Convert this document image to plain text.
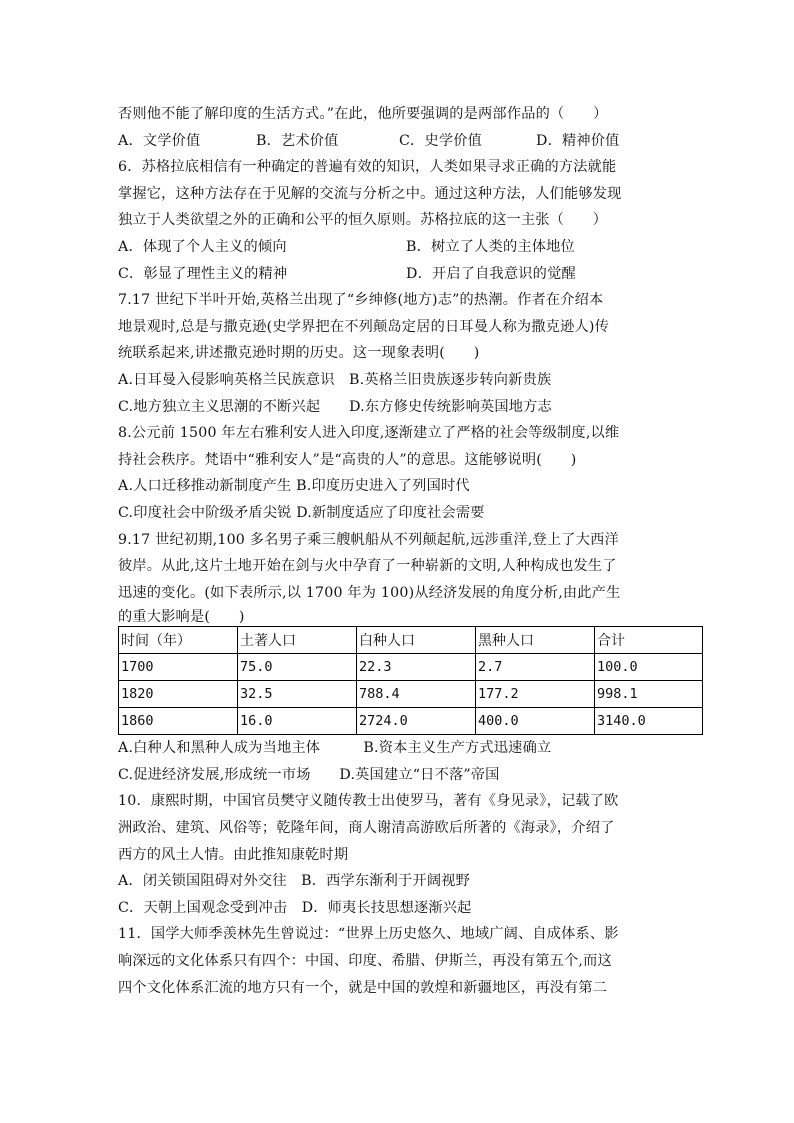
否则他不能了解印度的生活方式。”在此，他所要强调的是两部作品的（　　）
A．文学价值	B．艺术价值	C．史学价值	D．精神价值
6．苏格拉底相信有一种确定的普遍有效的知识，人类如果寻求正确的方法就能
掌握它，这种方法存在于见解的交流与分析之中。通过这种方法，人们能够发现
独立于人类欲望之外的正确和公平的恒久原则。苏格拉底的这一主张（　　）
A．体现了个人主义的倾向	B．树立了人类的主体地位
C．彰显了理性主义的精神	D．开启了自我意识的觉醒
7.17 世纪下半叶开始,英格兰出现了“乡绅修(地方)志”的热潮。作者在介绍本
地景观时,总是与撒克逊(史学界把在不列颠岛定居的日耳曼人称为撒克逊人)传
统联系起来,讲述撒克逊时期的历史。这一现象表明(　　)
A.日耳曼入侵影响英格兰民族意识　B.英格兰旧贵族逐步转向新贵族
C.地方独立主义思潮的不断兴起　　D.东方修史传统影响英国地方志
8.公元前 1500 年左右雅利安人进入印度,逐渐建立了严格的社会等级制度,以维
持社会秩序。梵语中“雅利安人”是“高贵的人”的意思。这能够说明(　　)
A.人口迁移推动新制度产生 B.印度历史进入了列国时代
C.印度社会中阶级矛盾尖锐 D.新制度适应了印度社会需要
9.17 世纪初期,100 多名男子乘三艘帆船从不列颠起航,远涉重洋,登上了大西洋
彼岸。从此,这片土地开始在剑与火中孕育了一种崭新的文明,人种构成也发生了
迅速的变化。(如下表所示,以 1700 年为 100)从经济发展的角度分析,由此产生
的重大影响是(　　)
时间（年）	土著人口	白种人口	黑种人口	合计
1700	75.0	22.3	2.7	100.0
1820	32.5	788.4	177.2	998.1
1860	16.0	2724.0	400.0	3140.0
A.白种人和黑种人成为当地主体　　　B.资本主义生产方式迅速确立
C.促进经济发展,形成统一市场　　D.英国建立“日不落”帝国
10．康熙时期，中国官员樊守义随传教士出使罗马，著有《身见录》，记载了欧
洲政治、建筑、风俗等；乾隆年间，商人谢清高游欧后所著的《海录》，介绍了
西方的风土人情。由此推知康乾时期
A．闭关锁国阻碍对外交往　B．西学东渐利于开阔视野
C．天朝上国观念受到冲击　D．师夷长技思想逐渐兴起
11．国学大师季羡林先生曾说过：“世界上历史悠久、地域广阔、自成体系、影
响深远的文化体系只有四个：中国、印度、希腊、伊斯兰，再没有第五个,而这
四个文化体系汇流的地方只有一个，就是中国的敦煌和新疆地区，再没有第二
